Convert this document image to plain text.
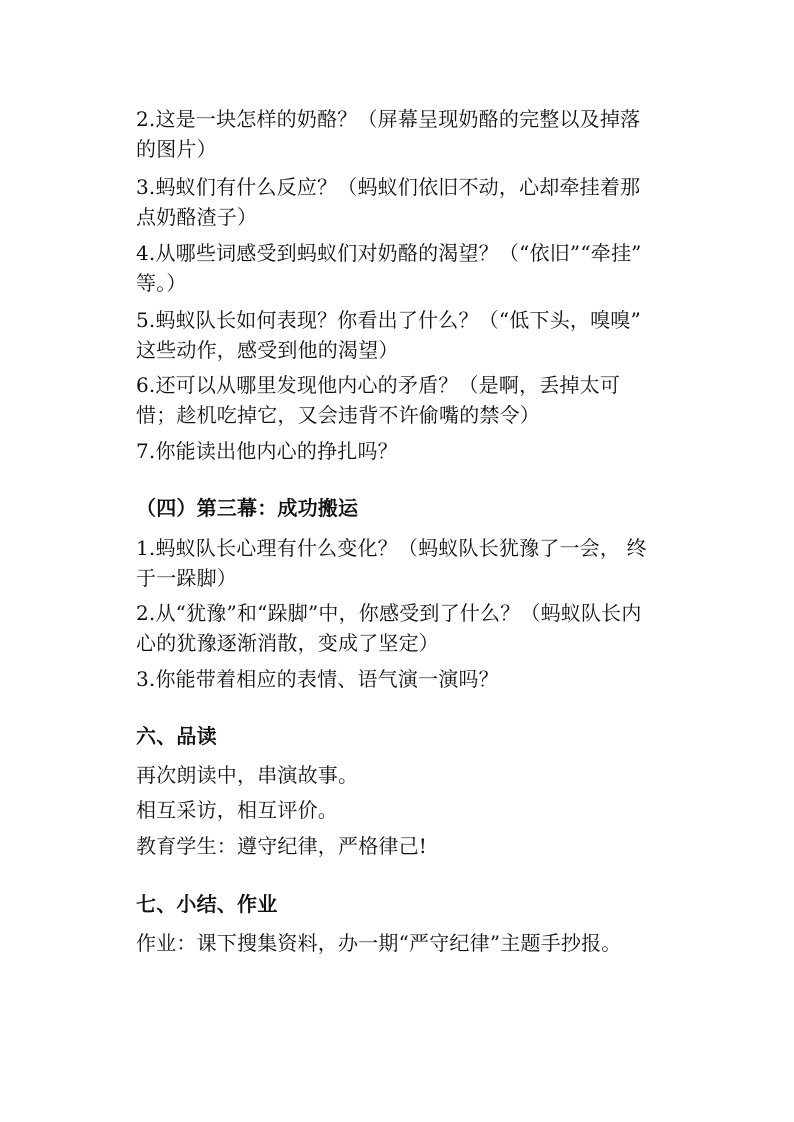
2.这是一块怎样的奶酪？（屏幕呈现奶酪的完整以及掉落
的图片）
3.蚂蚁们有什么反应？（蚂蚁们依旧不动，心却牵挂着那
点奶酪渣子）
4.从哪些词感受到蚂蚁们对奶酪的渴望？（“依旧”“牵挂”
等。）
5.蚂蚁队长如何表现？你看出了什么？（“低下头，嗅嗅”
这些动作，感受到他的渴望）
6.还可以从哪里发现他内心的矛盾？（是啊，丢掉太可
惜；趁机吃掉它，又会违背不许偷嘴的禁令）
7.你能读出他内心的挣扎吗？
（四）第三幕：成功搬运
1.蚂蚁队长心理有什么变化？（蚂蚁队长犹豫了一会， 终
于一跺脚）
2.从“犹豫”和“跺脚”中，你感受到了什么？（蚂蚁队长内
心的犹豫逐渐消散，变成了坚定）
3.你能带着相应的表情、语气演一演吗？
六、品读
再次朗读中，串演故事。
相互采访，相互评价。
教育学生：遵守纪律，严格律己!
七、小结、作业
作业：课下搜集资料，办一期“严守纪律”主题手抄报。
